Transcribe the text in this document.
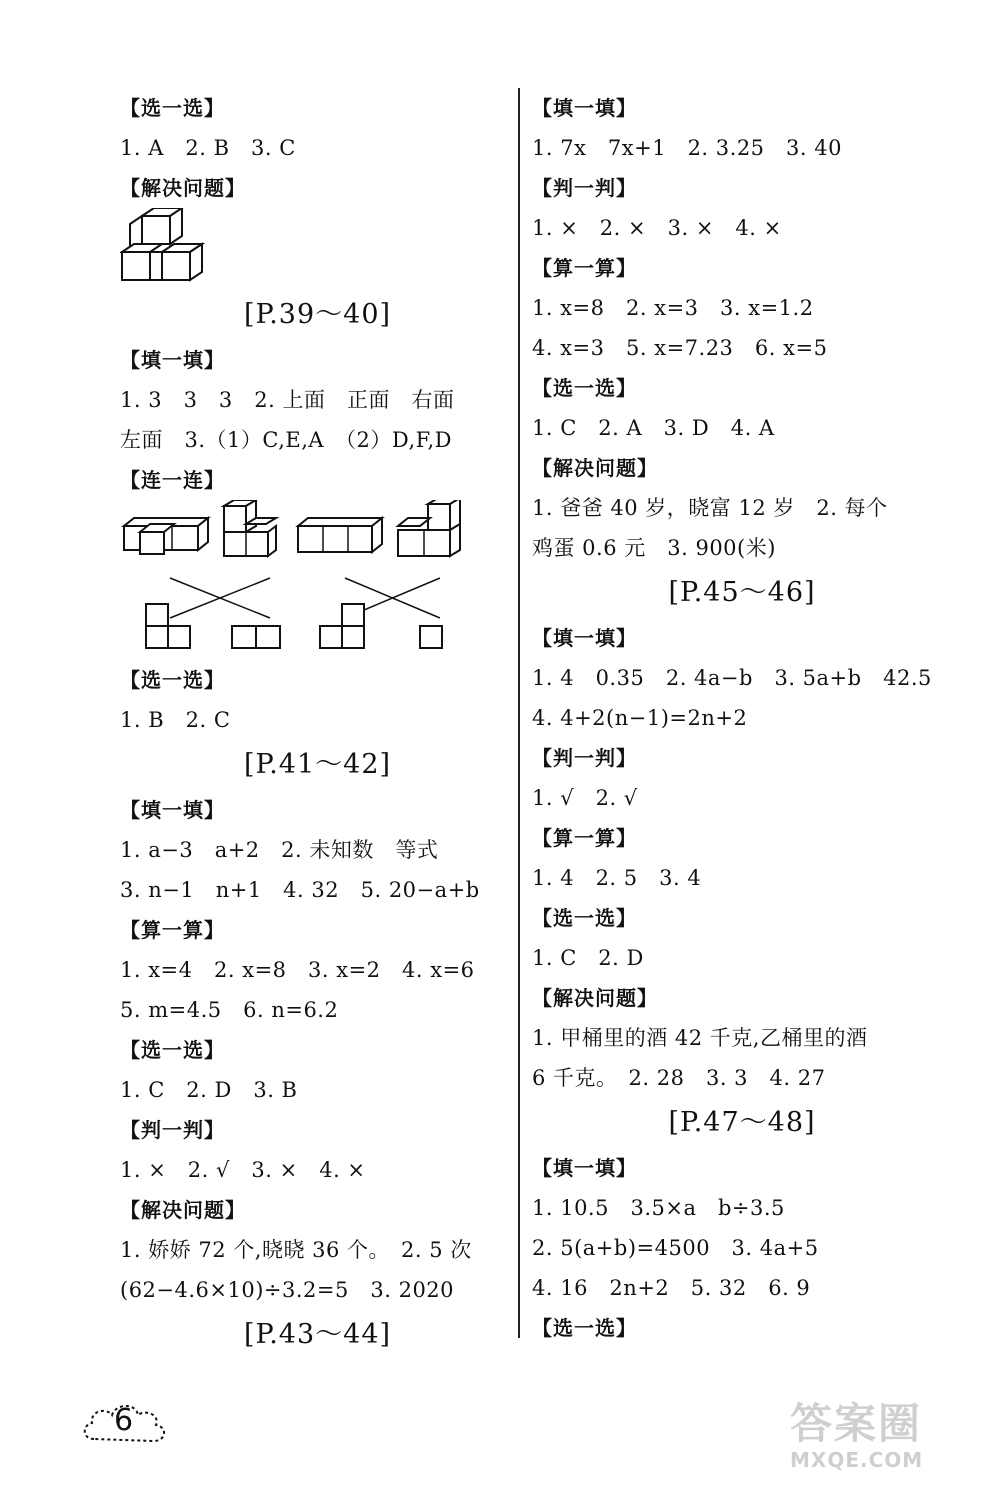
【选一选】
1. A　2. B　3. C
【解决问题】
[P.39～40]
【填一填】
1. 3　3　3　2. 上面　正面　右面
左面　3.（1）C,E,A　（2）D,F,D
【连一连】
【选一选】
1. B　2. C
[P.41～42]
【填一填】
1. a−3　a+2　2. 未知数　等式
3. n−1　n+1　4. 32　5. 20−a+b
【算一算】
1. x=4　2. x=8　3. x=2　4. x=6
5. m=4.5　6. n=6.2
【选一选】
1. C　2. D　3. B
【判一判】
1. ×　2. √　3. ×　4. ×
【解决问题】
1. 娇娇 72 个,晓晓 36 个。　2. 5 次
(62−4.6×10)÷3.2=5　3. 2020
[P.43～44]
【填一填】
1. 7x　7x+1　2. 3.25　3. 40
【判一判】
1. ×　2. ×　3. ×　4. ×
【算一算】
1. x=8　2. x=3　3. x=1.2
4. x=3　5. x=7.23　6. x=5
【选一选】
1. C　2. A　3. D　4. A
【解决问题】
1. 爸爸 40 岁，晓富 12 岁　2. 每个
鸡蛋 0.6 元　3. 900(米)
[P.45～46]
【填一填】
1. 4　0.35　2. 4a−b　3. 5a+b　42.5
4. 4+2(n−1)=2n+2
【判一判】
1. √　2. √
【算一算】
1. 4　2. 5　3. 4
【选一选】
1. C　2. D
【解决问题】
1. 甲桶里的酒 42 千克,乙桶里的酒
6 千克。　2. 28　3. 3　4. 27
[P.47～48]
【填一填】
1. 10.5　3.5×a　b÷3.5
2. 5(a+b)=4500　3. 4a+5
4. 16　2n+2　5. 32　6. 9
【选一选】
6	答案圈
MXQE.COM
